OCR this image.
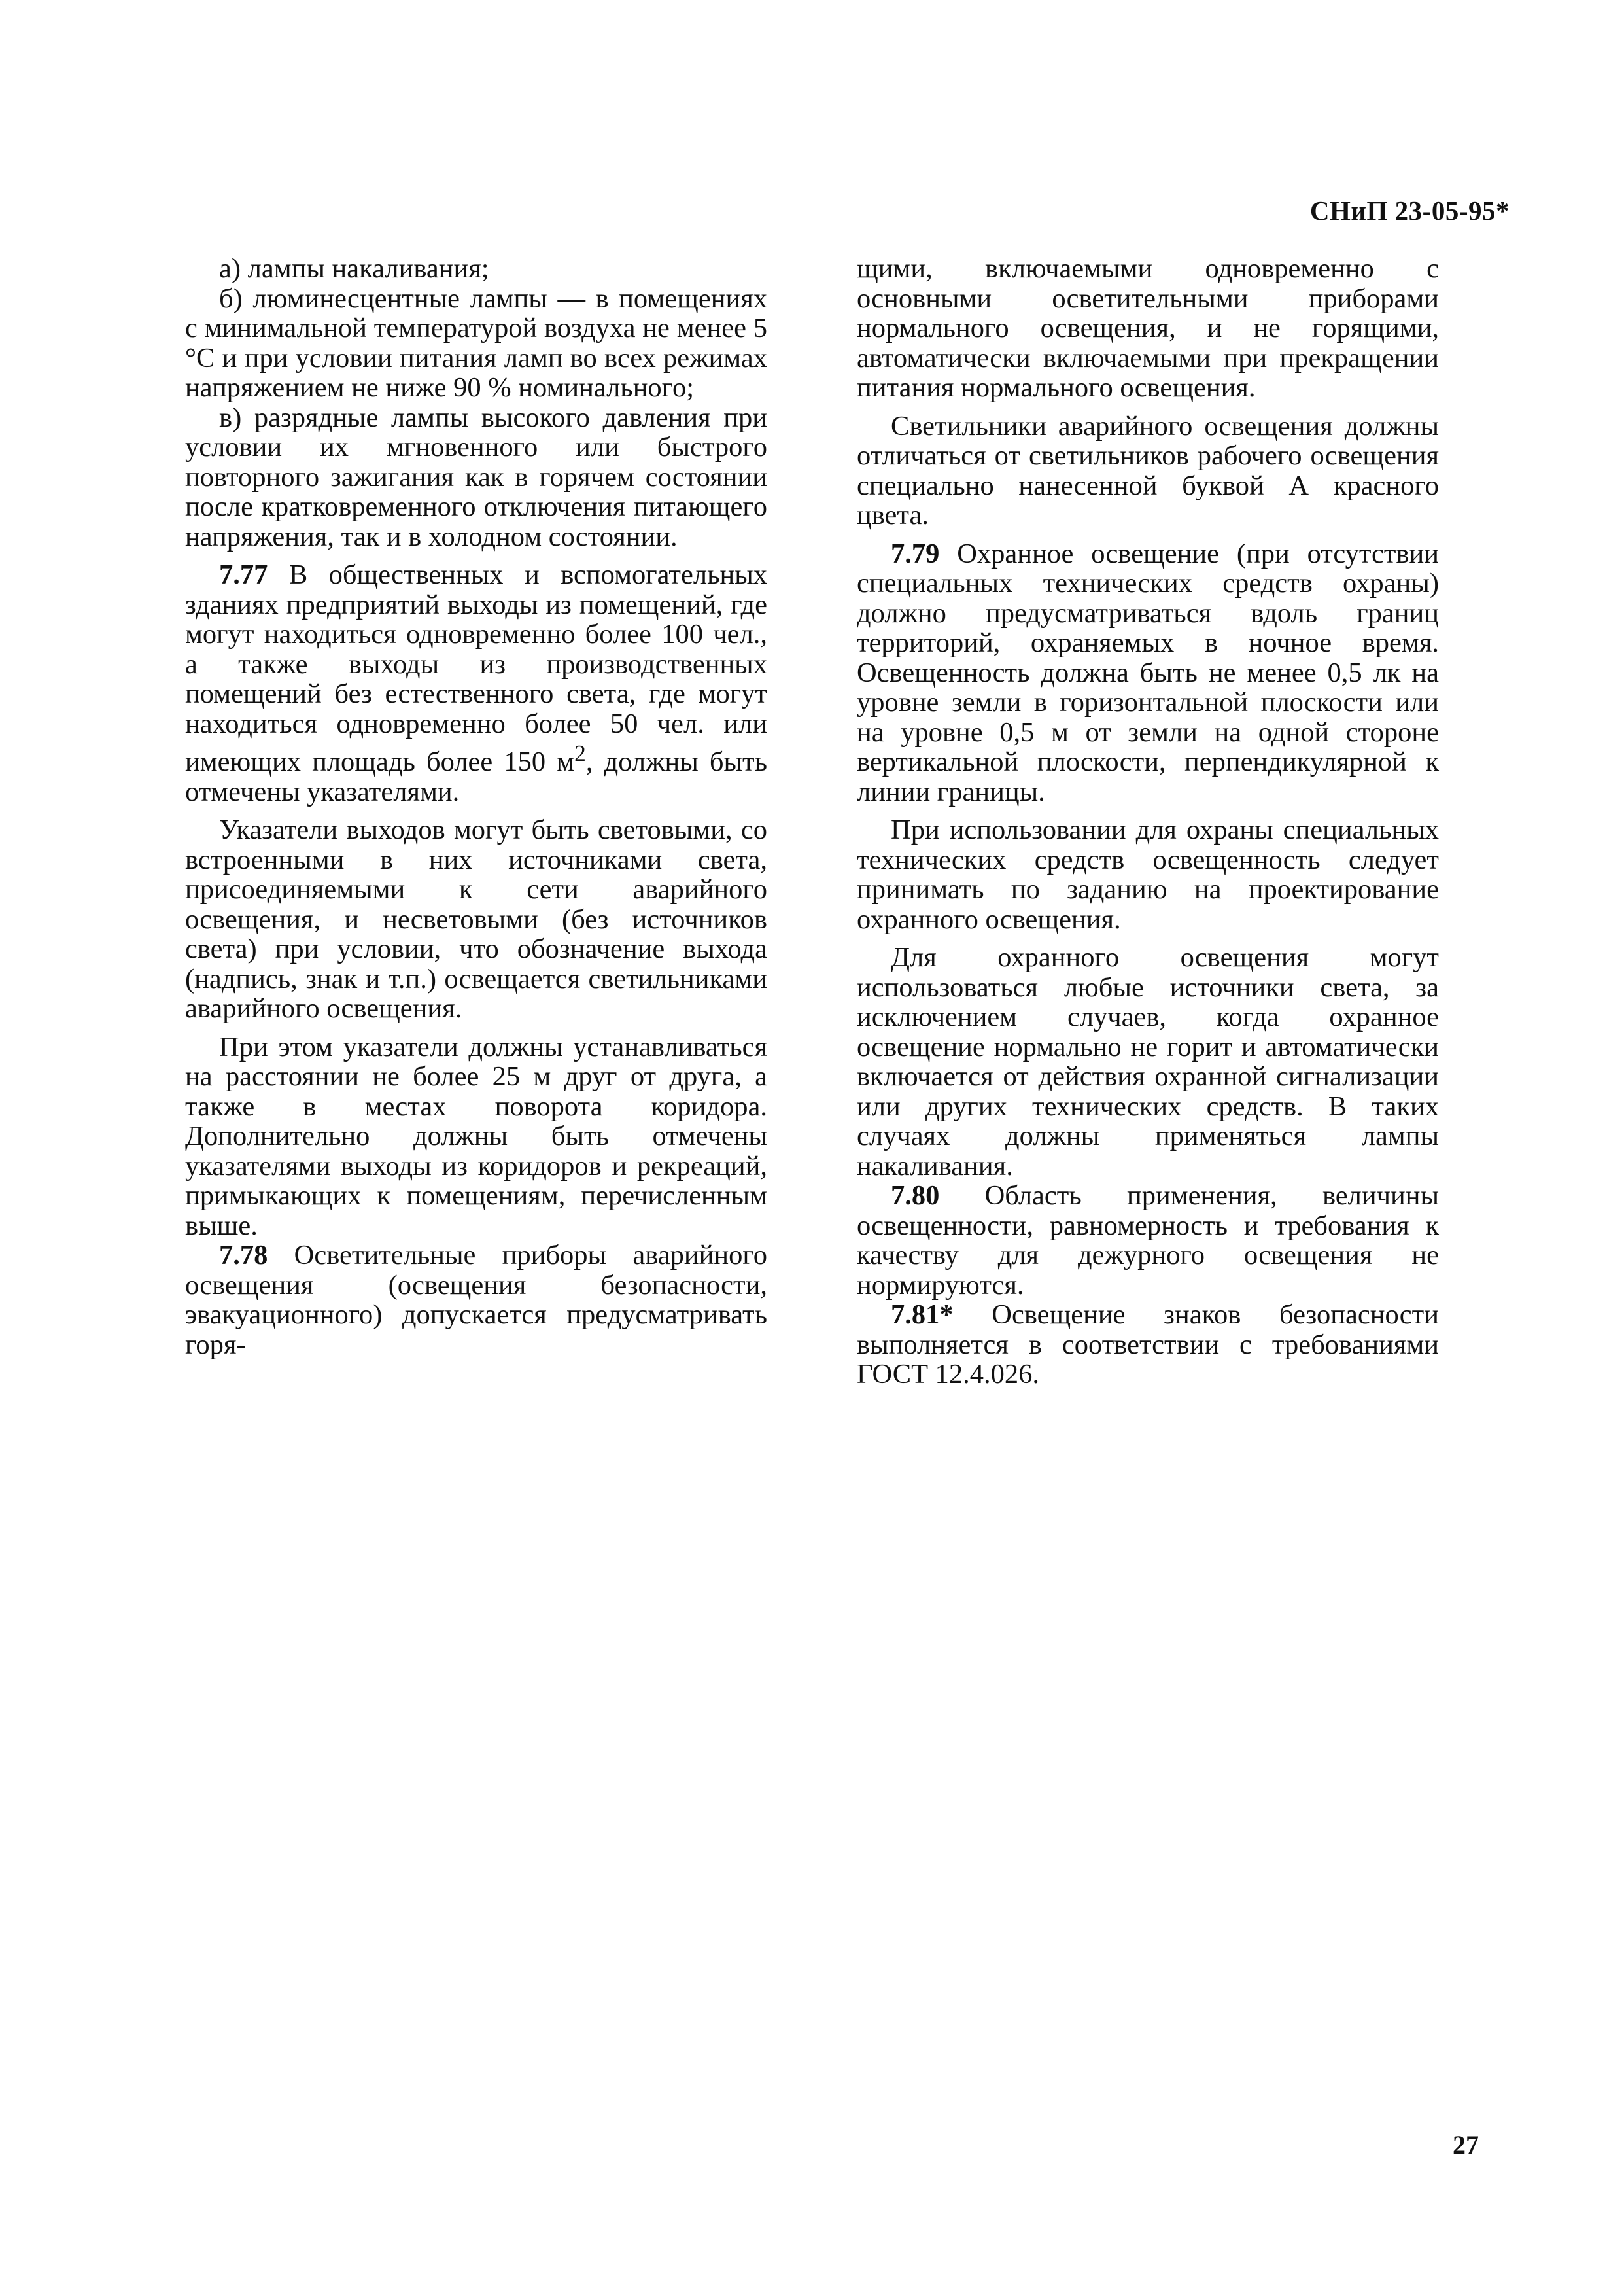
СНиП 23-05-95*

а) лампы накаливания;

б) люминесцентные лампы — в помещениях с минимальной температурой воздуха не менее 5 °С и при условии питания ламп во всех режимах напряжением не ниже 90 % номинального;

в) разрядные лампы высокого давления при условии их мгновенного или быстрого повторного зажигания как в горячем состоянии после кратковременного отключения питающего напряжения, так и в холодном состоянии.

7.77 В общественных и вспомогательных зданиях предприятий выходы из помещений, где могут находиться одновременно более 100 чел., а также выходы из производственных помещений без естественного света, где могут находиться одновременно более 50 чел. или имеющих площадь более 150 $м^2$, должны быть отмечены указателями.

Указатели выходов могут быть световыми, со встроенными в них источниками света, присоединяемыми к сети аварийного освещения, и несветовыми (без источников света) при условии, что обозначение выхода (надпись, знак и т.п.) освещается светильниками аварийного освещения.

При этом указатели должны устанавливаться на расстоянии не более 25 м друг от друга, а также в местах поворота коридора. Дополнительно должны быть отмечены указателями выходы из коридоров и рекреаций, примыкающих к помещениям, перечисленным выше.

7.78 Осветительные приборы аварийного освещения (освещения безопасности, эвакуационного) допускается предусматривать горя-

щими, включаемыми одновременно с основными осветительными приборами нормального освещения, и не горящими, автоматически включаемыми при прекращении питания нормального освещения.

Светильники аварийного освещения должны отличаться от светильников рабочего освещения специально нанесенной буквой А красного цвета.

7.79 Охранное освещение (при отсутствии специальных технических средств охраны) должно предусматриваться вдоль границ территорий, охраняемых в ночное время. Освещенность должна быть не менее 0,5 лк на уровне земли в горизонтальной плоскости или на уровне 0,5 м от земли на одной стороне вертикальной плоскости, перпендикулярной к линии границы.

При использовании для охраны специальных технических средств освещенность следует принимать по заданию на проектирование охранного освещения.

Для охранного освещения могут использоваться любые источники света, за исключением случаев, когда охранное освещение нормально не горит и автоматически включается от действия охранной сигнализации или других технических средств. В таких случаях должны применяться лампы накаливания.

7.80 Область применения, величины освещенности, равномерность и требования к качеству для дежурного освещения не нормируются.

7.81* Освещение знаков безопасности выполняется в соответствии с требованиями ГОСТ 12.4.026.

27
